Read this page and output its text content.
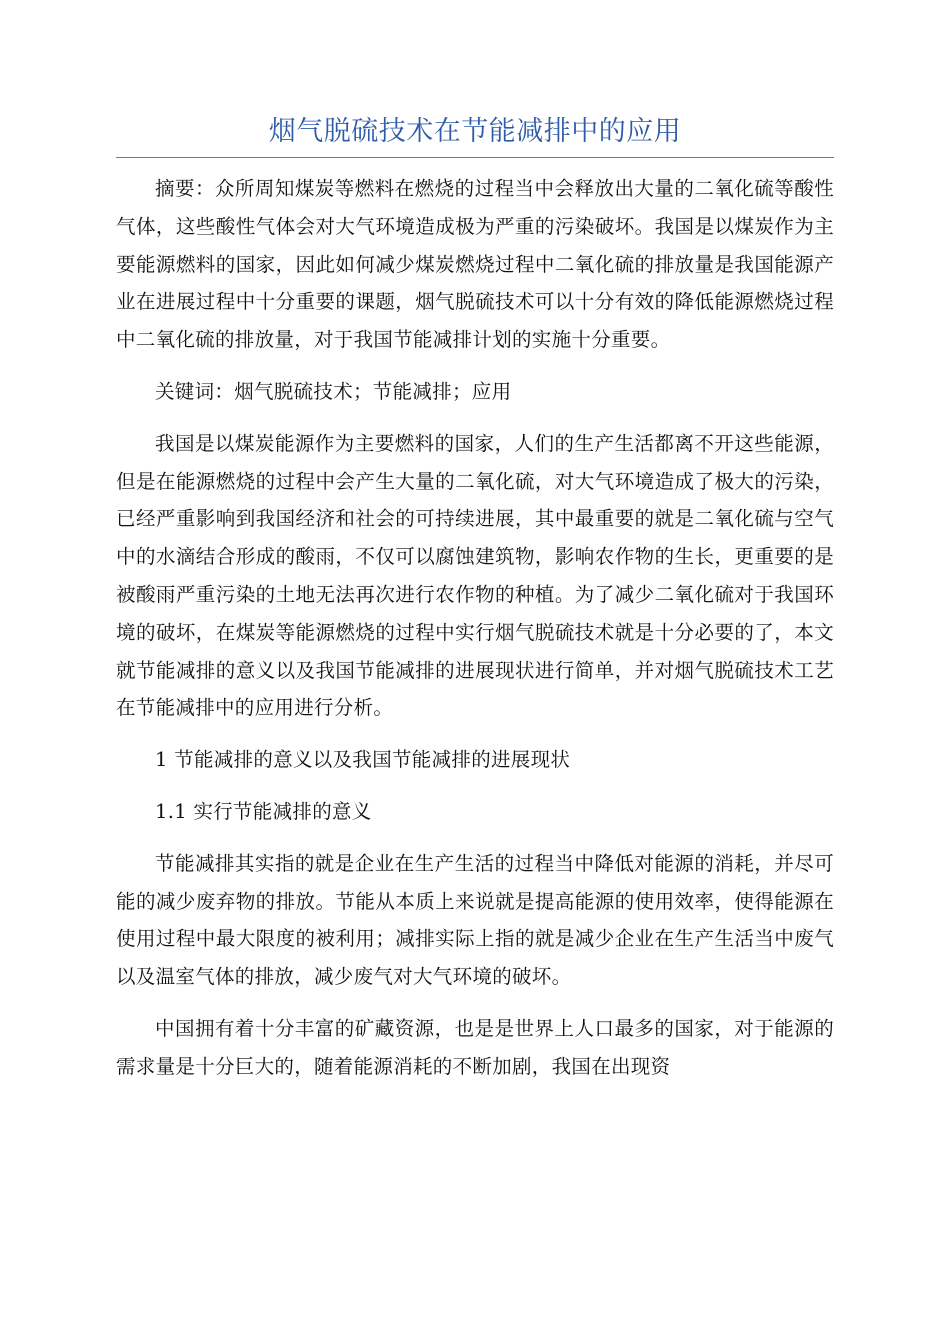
烟气脱硫技术在节能减排中的应用

摘要：众所周知煤炭等燃料在燃烧的过程当中会释放出大量的二氧化硫等酸性气体，这些酸性气体会对大气环境造成极为严重的污染破坏。我国是以煤炭作为主要能源燃料的国家，因此如何减少煤炭燃烧过程中二氧化硫的排放量是我国能源产业在进展过程中十分重要的课题，烟气脱硫技术可以十分有效的降低能源燃烧过程中二氧化硫的排放量，对于我国节能减排计划的实施十分重要。

关键词：烟气脱硫技术；节能减排；应用

我国是以煤炭能源作为主要燃料的国家，人们的生产生活都离不开这些能源，但是在能源燃烧的过程中会产生大量的二氧化硫，对大气环境造成了极大的污染，已经严重影响到我国经济和社会的可持续进展，其中最重要的就是二氧化硫与空气中的水滴结合形成的酸雨，不仅可以腐蚀建筑物，影响农作物的生长，更重要的是被酸雨严重污染的土地无法再次进行农作物的种植。为了减少二氧化硫对于我国环境的破坏，在煤炭等能源燃烧的过程中实行烟气脱硫技术就是十分必要的了，本文就节能减排的意义以及我国节能减排的进展现状进行简单，并对烟气脱硫技术工艺在节能减排中的应用进行分析。

1 节能减排的意义以及我国节能减排的进展现状

1.1 实行节能减排的意义

节能减排其实指的就是企业在生产生活的过程当中降低对能源的消耗，并尽可能的减少废弃物的排放。节能从本质上来说就是提高能源的使用效率，使得能源在使用过程中最大限度的被利用；减排实际上指的就是减少企业在生产生活当中废气以及温室气体的排放，减少废气对大气环境的破坏。

中国拥有着十分丰富的矿藏资源，也是是世界上人口最多的国家，对于能源的需求量是十分巨大的，随着能源消耗的不断加剧，我国在出现资
